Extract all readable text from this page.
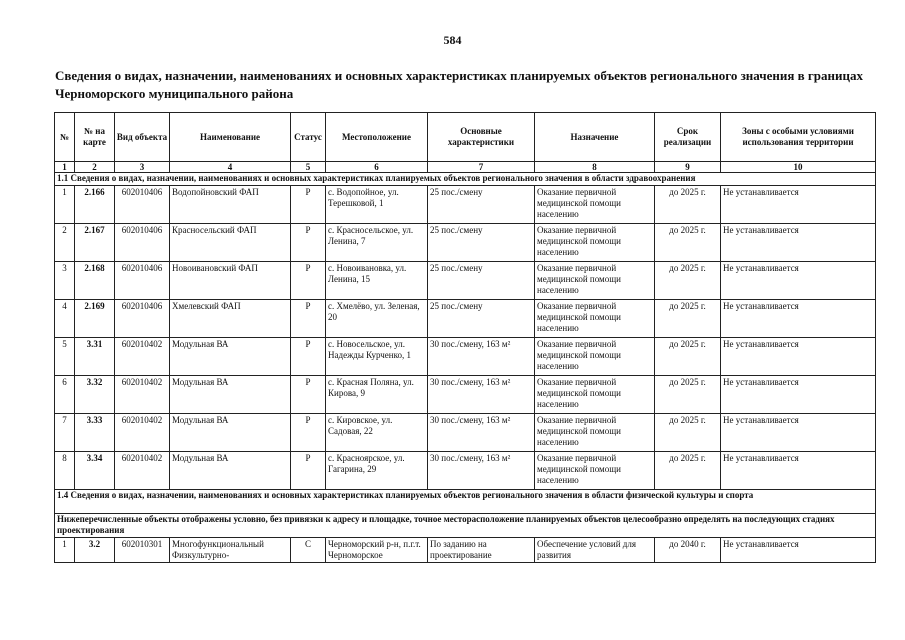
584
Сведения о видах, назначении, наименованиях и основных характеристиках планируемых объектов регионального значения в границах Черноморского муниципального района
№	№ на карте	Вид объекта	Наименование	Статус	Местоположение	Основные характеристики	Назначение	Срок реализации	Зоны с особыми условиями использования территории
1	2	3	4	5	6	7	8	9	10
1.1 Сведения о видах, назначении, наименованиях и основных характеристиках планируемых объектов регионального значения в области здравоохранения									
1	2.166	602010406	Водопойновский ФАП	Р	с. Водопойное, ул. Терешковой, 1	25 пос./смену	Оказание первичной медицинской помощи населению	до 2025 г.	Не устанавливается
2	2.167	602010406	Красносельский ФАП	Р	с. Красносельское, ул. Ленина, 7	25 пос./смену	Оказание первичной медицинской помощи населению	до 2025 г.	Не устанавливается
3	2.168	602010406	Новоивановский ФАП	Р	с. Новоивановка, ул. Ленина, 15	25 пос./смену	Оказание первичной медицинской помощи населению	до 2025 г.	Не устанавливается
4	2.169	602010406	Хмелевский ФАП	Р	с. Хмелёво, ул. Зеленая, 20	25 пос./смену	Оказание первичной медицинской помощи населению	до 2025 г.	Не устанавливается
5	3.31	602010402	Модульная ВА	Р	с. Новосельское, ул. Надежды Курченко, 1	30 пос./смену, 163 м²	Оказание первичной медицинской помощи населению	до 2025 г.	Не устанавливается
6	3.32	602010402	Модульная ВА	Р	с. Красная Поляна, ул. Кирова, 9	30 пос./смену, 163 м²	Оказание первичной медицинской помощи населению	до 2025 г.	Не устанавливается
7	3.33	602010402	Модульная ВА	Р	с. Кировское, ул. Садовая, 22	30 пос./смену, 163 м²	Оказание первичной медицинской помощи населению	до 2025 г.	Не устанавливается
8	3.34	602010402	Модульная ВА	Р	с. Красноярское, ул. Гагарина, 29	30 пос./смену, 163 м²	Оказание первичной медицинской помощи населению	до 2025 г.	Не устанавливается
1.4 Сведения о видах, назначении, наименованиях и основных характеристиках планируемых объектов регионального значения в области физической культуры и спорта									
Нижеперечисленные объекты отображены условно, без привязки к адресу и площадке, точное месторасположение планируемых объектов целесообразно определять на последующих стадиях проектирования									
1	3.2	602010301	Многофункциональный Физкультурно-	С	Черноморский р-н, п.г.т. Черноморское	По заданию на проектирование	Обеспечение условий для развития	до 2040 г.	Не устанавливается
